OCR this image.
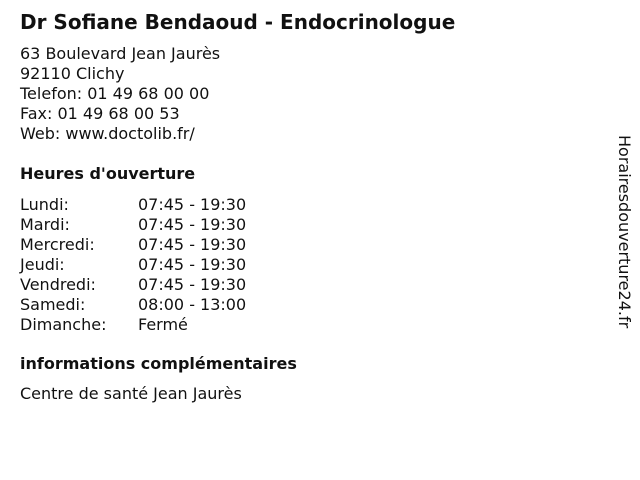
Dr Sofiane Bendaoud - Endocrinologue
63 Boulevard Jean Jaurès
92110 Clichy
Telefon: 01 49 68 00 00
Fax: 01 49 68 00 53
Web: www.doctolib.fr/
Heures d'ouverture
Lundi:	07:45 - 19:30
Mardi:	07:45 - 19:30
Mercredi:	07:45 - 19:30
Jeudi:	07:45 - 19:30
Vendredi:	07:45 - 19:30
Samedi:	08:00 - 13:00
Dimanche:	Fermé
informations complémentaires
Centre de santé Jean Jaurès
Horairesdouverture24.fr
